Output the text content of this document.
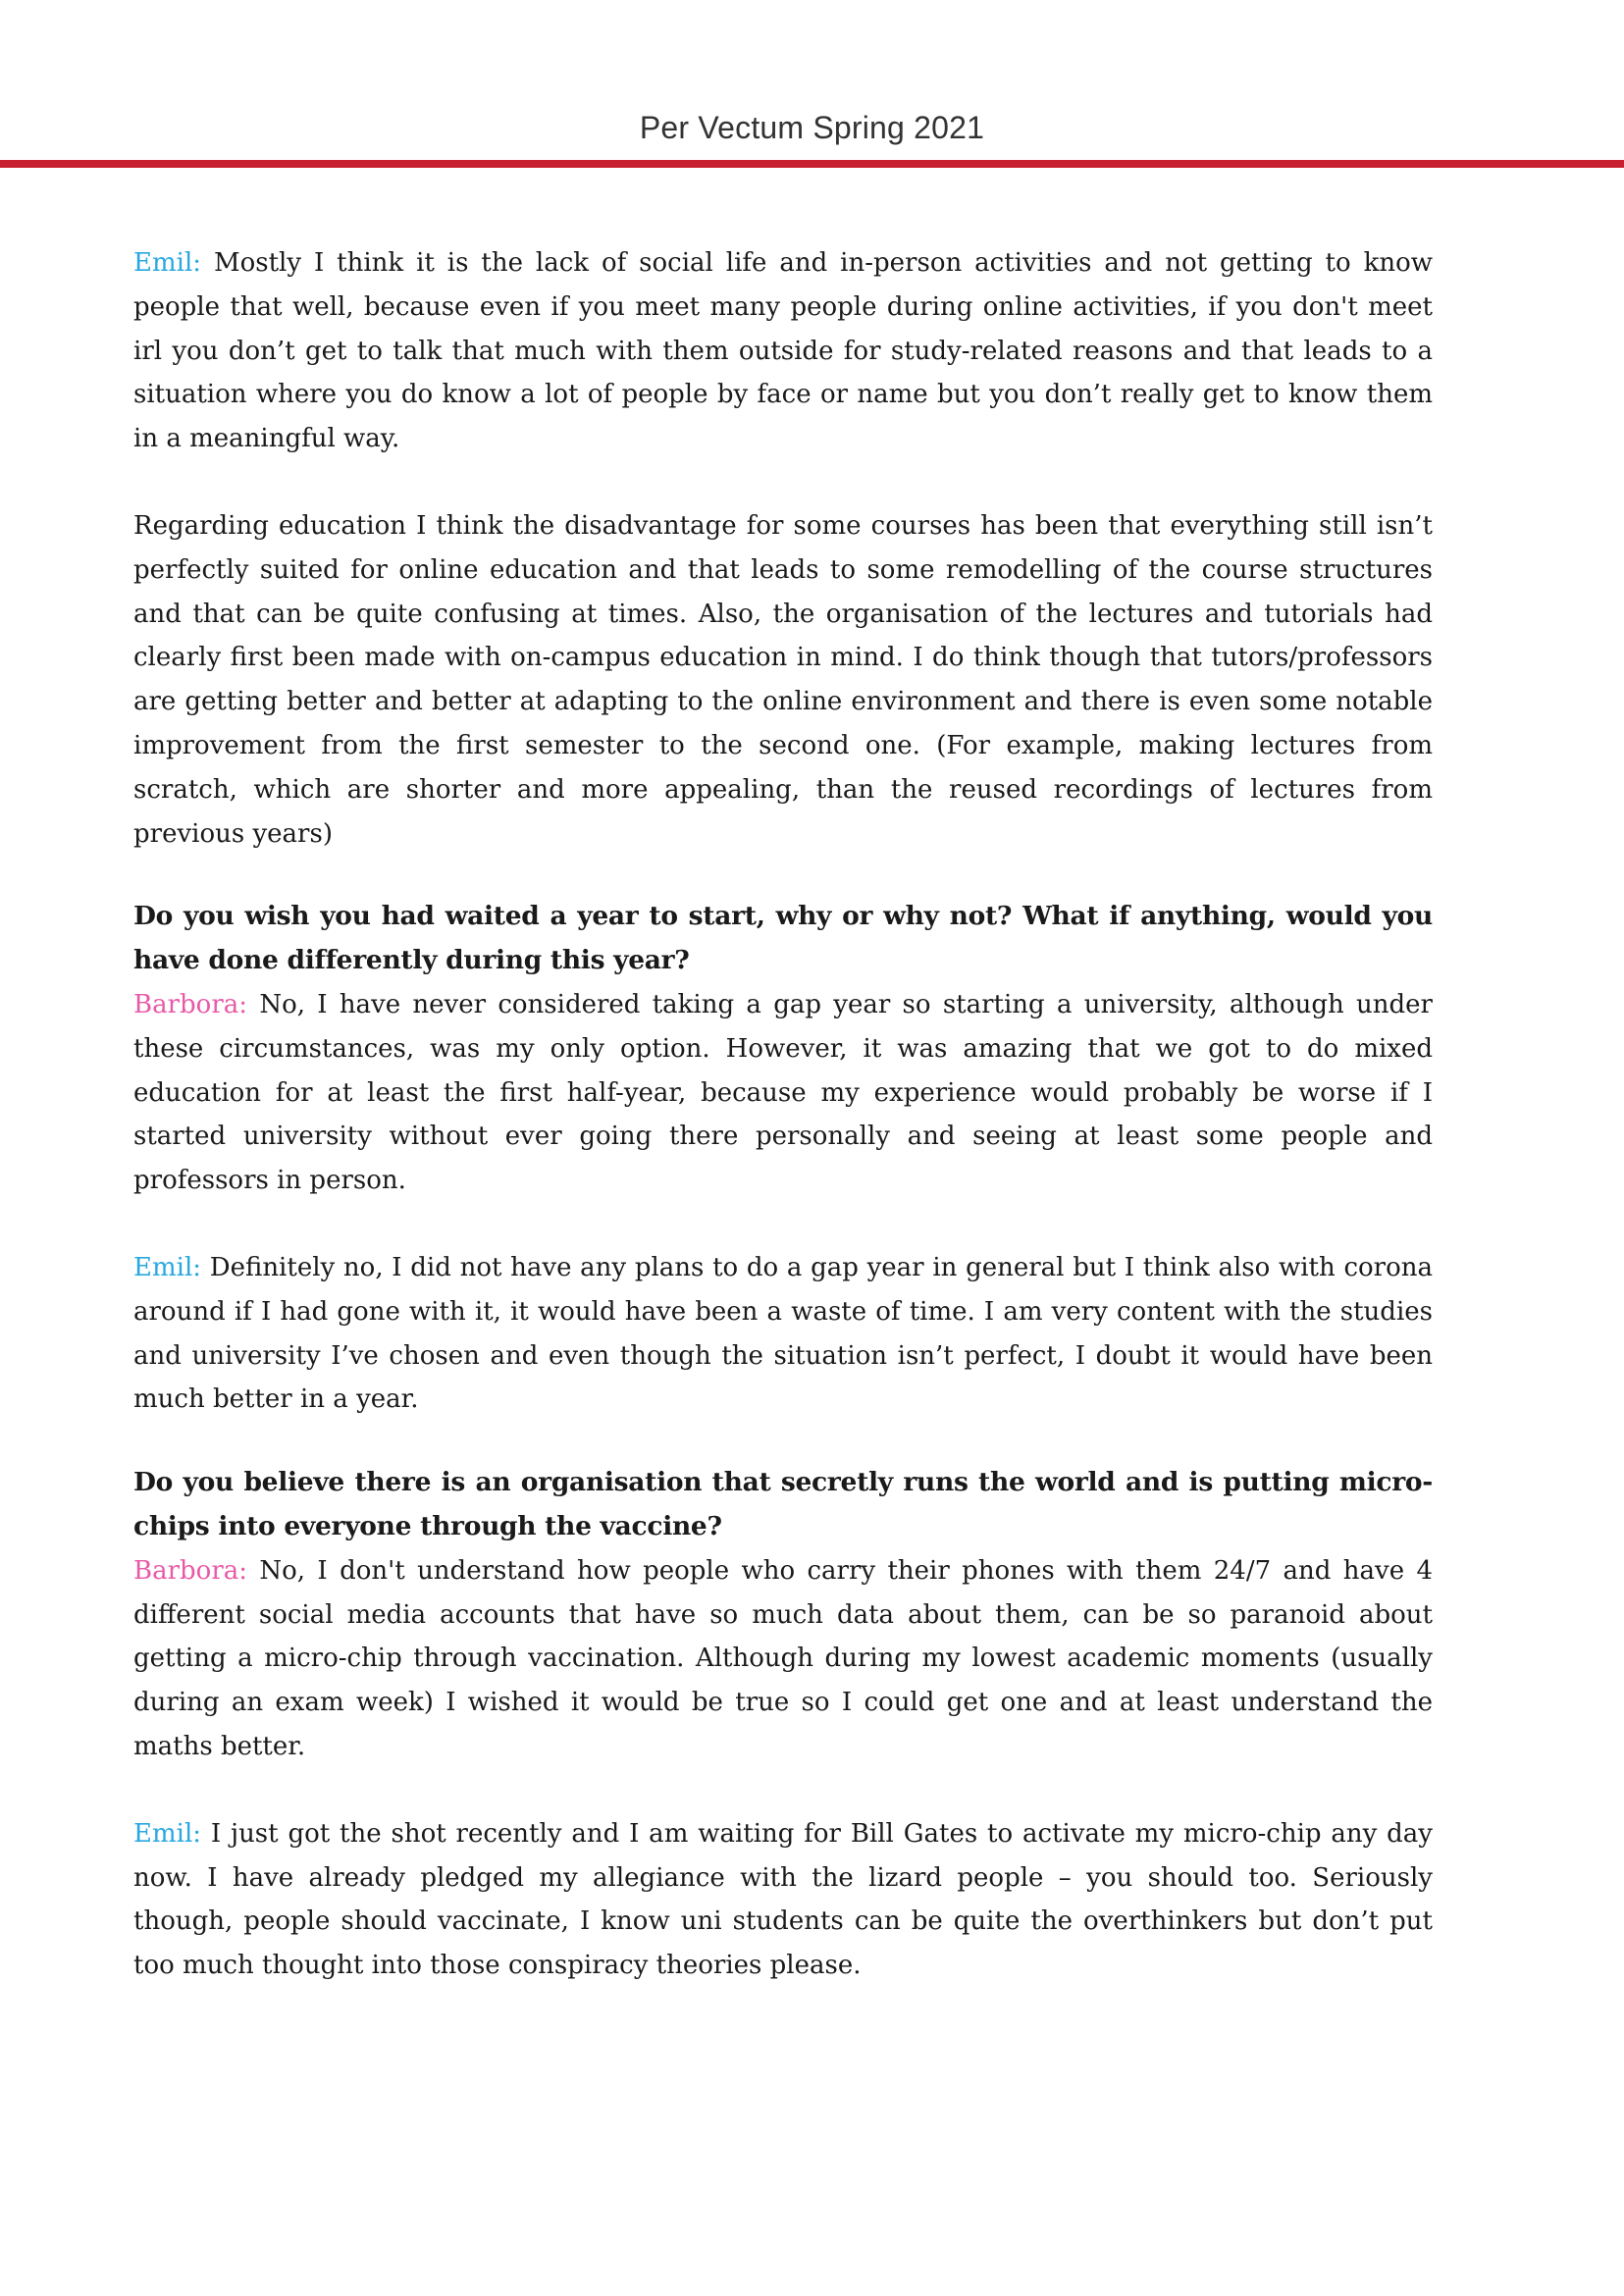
Per Vectum Spring 2021

Emil: Mostly I think it is the lack of social life and in-person activities and not getting to know people that well, because even if you meet many people during online activities, if you don't meet irl you don’t get to talk that much with them outside for study-related reasons and that leads to a situation where you do know a lot of people by face or name but you don’t really get to know them in a meaningful way.

Regarding education I think the disadvantage for some courses has been that everything still isn’t perfectly suited for online education and that leads to some remodelling of the course structures and that can be quite confusing at times. Also, the organisation of the lectures and tutorials had clearly first been made with on-campus education in mind. I do think though that tutors/professors are getting better and better at adapting to the online environment and there is even some notable improvement from the first semester to the second one. (For example, making lectures from scratch, which are shorter and more appealing, than the reused recordings of lectures from previous years)

Do you wish you had waited a year to start, why or why not? What if anything, would you have done differently during this year?

Barbora: No, I have never considered taking a gap year so starting a university, although under these circumstances, was my only option. However, it was amazing that we got to do mixed education for at least the first half-year, because my experience would probably be worse if I started university without ever going there personally and seeing at least some people and professors in person.

Emil: Definitely no, I did not have any plans to do a gap year in general but I think also with corona around if I had gone with it, it would have been a waste of time. I am very content with the studies and university I’ve chosen and even though the situation isn’t perfect, I doubt it would have been much better in a year.

Do you believe there is an organisation that secretly runs the world and is putting micro-chips into everyone through the vaccine?

Barbora: No, I don't understand how people who carry their phones with them 24/7 and have 4 different social media accounts that have so much data about them, can be so paranoid about getting a micro-chip through vaccination. Although during my lowest academic moments (usually during an exam week) I wished it would be true so I could get one and at least understand the maths better.

Emil: I just got the shot recently and I am waiting for Bill Gates to activate my micro-chip any day now. I have already pledged my allegiance with the lizard people – you should too. Seriously though, people should vaccinate, I know uni students can be quite the overthinkers but don’t put too much thought into those conspiracy theories please.
